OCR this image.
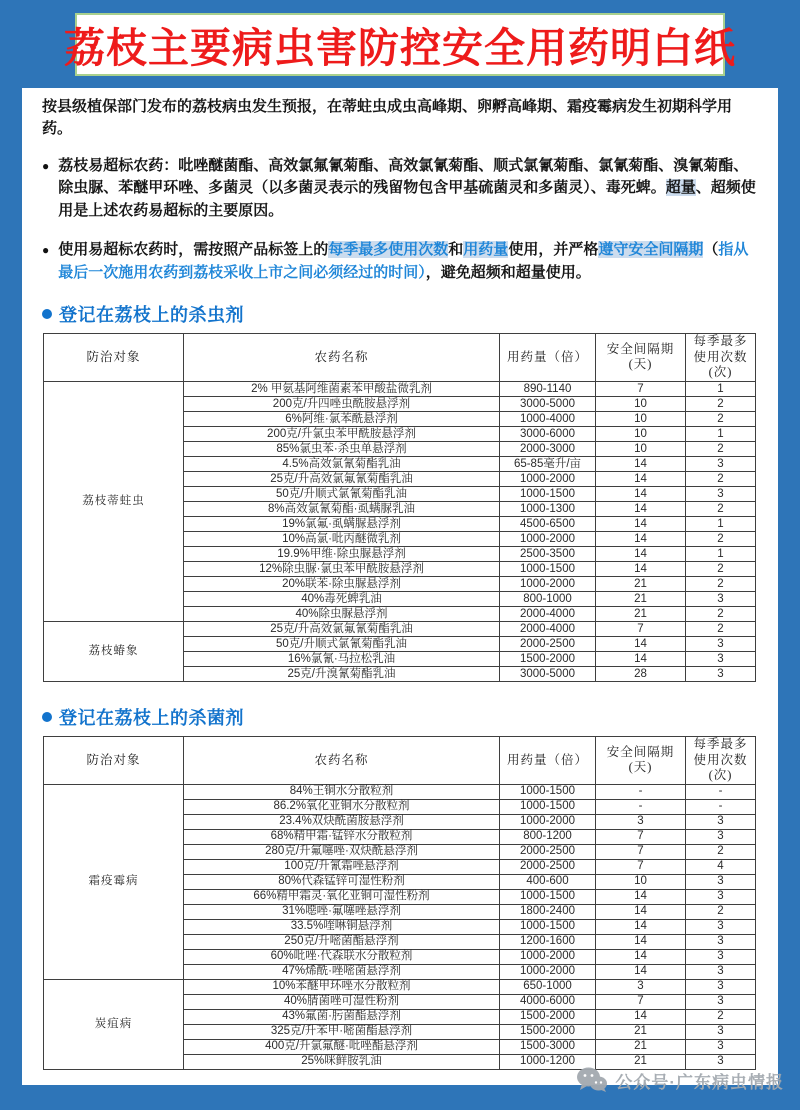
荔枝主要病虫害防控安全用药明白纸

按县级植保部门发布的荔枝病虫发生预报，在蒂蛀虫成虫高峰期、卵孵高峰期、霜疫霉病发生初期科学用药。

● 荔枝易超标农药：吡唑醚菌酯、高效氯氟氰菊酯、高效氯氰菊酯、顺式氯氰菊酯、氯氰菊酯、溴氰菊酯、除虫脲、苯醚甲环唑、多菌灵（以多菌灵表示的残留物包含甲基硫菌灵和多菌灵）、毒死蜱。超量、超频使用是上述农药易超标的主要原因。
● 使用易超标农药时，需按照产品标签上的每季最多使用次数和用药量使用，并严格遵守安全间隔期（指从最后一次施用农药到荔枝采收上市之间必须经过的时间），避免超频和超量使用。
登记在荔枝上的杀虫剂
防治对象	农药名称	用药量（倍）	安全间隔期(天)	每季最多
使用次数(次)

荔枝蒂蛀虫	2% 甲氨基阿维菌素苯甲酸盐微乳剂	890-1140	7	1
	200克/升四唑虫酰胺悬浮剂	3000-5000	10	2
	6%阿维·氯苯酰悬浮剂	1000-4000	10	2
	200克/升氯虫苯甲酰胺悬浮剂	3000-6000	10	1
	85%氯虫苯·杀虫单悬浮剂	2000-3000	10	2
	4.5%高效氯氰菊酯乳油	65-85毫升/亩	14	3
	25克/升高效氯氟氰菊酯乳油	1000-2000	14	2
	50克/升顺式氯氰菊酯乳油	1000-1500	14	3
	8%高效氯氰菊酯·虱螨脲乳油	1000-1300	14	2
	19%氯氟·虱螨脲悬浮剂	4500-6500	14	1
	10%高氯·吡丙醚微乳剂	1000-2000	14	2
	19.9%甲维·除虫脲悬浮剂	2500-3500	14	1
	12%除虫脲·氯虫苯甲酰胺悬浮剂	1000-1500	14	2
	20%联苯·除虫脲悬浮剂	1000-2000	21	2
	40%毒死蜱乳油	800-1000	21	3
	40%除虫脲悬浮剂	2000-4000	21	2
荔枝蝽象	25克/升高效氯氟氰菊酯乳油	2000-4000	7	2
	50克/升顺式氯氰菊酯乳油	2000-2500	14	3
	16%氯氰·马拉松乳油	1500-2000	14	3
	25克/升溴氰菊酯乳油	3000-5000	28	3
登记在荔枝上的杀菌剂
防治对象	农药名称	用药量（倍）	安全间隔期(天)	每季最多
使用次数(次)

霜疫霉病	84%王铜水分散粒剂	1000-1500	-	-
	86.2%氧化亚铜水分散粒剂	1000-1500	-	-
	23.4%双炔酰菌胺悬浮剂	1000-2000	3	3
	68%精甲霜·锰锌水分散粒剂	800-1200	7	3
	280克/升氟噻唑·双炔酰悬浮剂	2000-2500	7	2
	100克/升氰霜唑悬浮剂	2000-2500	7	4
	80%代森锰锌可湿性粉剂	400-600	10	3
	66%精甲霜灵·氧化亚铜可湿性粉剂	1000-1500	14	3
	31%噁唑·氟噻唑悬浮剂	1800-2400	14	2
	33.5%喹啉铜悬浮剂	1000-1500	14	3
	250克/升嘧菌酯悬浮剂	1200-1600	14	3
	60%吡唑·代森联水分散粒剂	1000-2000	14	3
	47%烯酰·唑嘧菌悬浮剂	1000-2000	14	3
炭疽病	10%苯醚甲环唑水分散粒剂	650-1000	3	3
	40%腈菌唑可湿性粉剂	4000-6000	7	3
	43%氟菌·肟菌酯悬浮剂	1500-2000	14	2
	325克/升苯甲·嘧菌酯悬浮剂	1500-2000	21	3
	400克/升氯氟醚·吡唑酯悬浮剂	1500-3000	21	3
	25%咪鲜胺乳油	1000-1200	21	3
公众号·广东病虫情报
